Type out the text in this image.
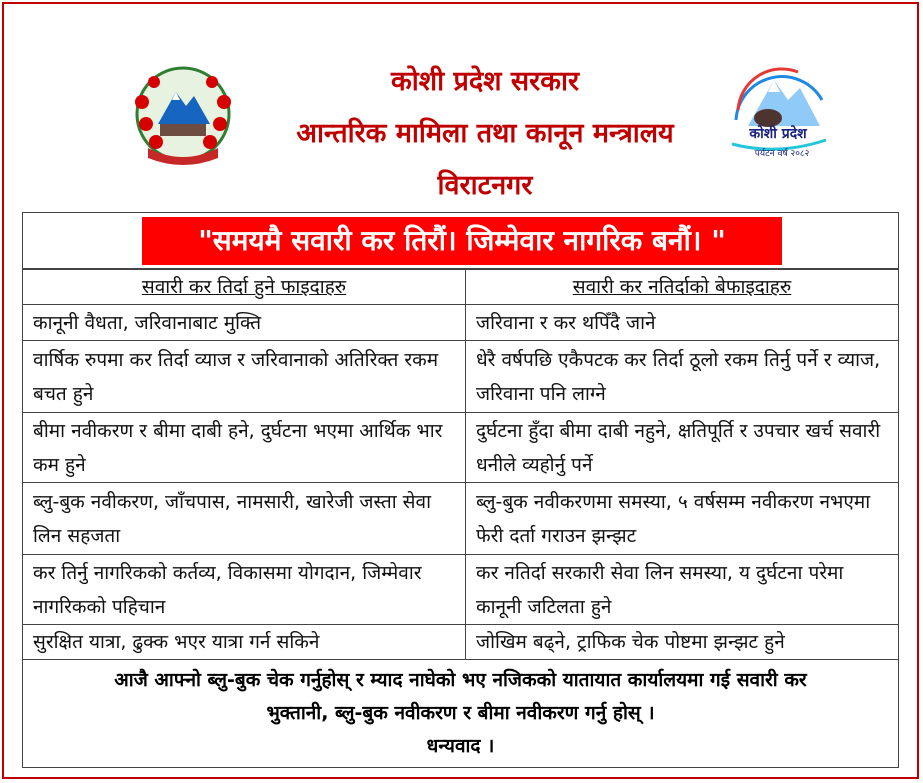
कोशी प्रदेश सरकार
आन्तरिक मामिला तथा कानून मन्त्रालय
विराटनगर
कोशी प्रदेश
पर्यटन वर्ष २०८२
"समयमै सवारी कर तिरौं। जिम्मेवार नागरिक बनौं। "
सवारी कर तिर्दा हुने फाइदाहरु	सवारी कर नतिर्दाको बेफाइदाहरु
कानूनी वैधता, जरिवानाबाट मुक्ति	जरिवाना र कर थपिँदै जाने
वार्षिक रुपमा कर तिर्दा व्याज र जरिवानाको अतिरिक्त रकम बचत हुने	धेरै वर्षपछि एकैपटक कर तिर्दा ठूलो रकम तिर्नु पर्ने र व्याज, जरिवाना पनि लाग्ने
बीमा नवीकरण र बीमा दाबी हने, दुर्घटना भएमा आर्थिक भार कम हुने	दुर्घटना हुँदा बीमा दाबी नहुने, क्षतिपूर्ति र उपचार खर्च सवारी धनीले व्यहोर्नु पर्ने
ब्लु-बुक नवीकरण, जाँचपास, नामसारी, खारेजी जस्ता सेवा लिन सहजता	ब्लु-बुक नवीकरणमा समस्या, ५ वर्षसम्म नवीकरण नभएमा फेरी दर्ता गराउन झन्झट
कर तिर्नु नागरिकको कर्तव्य, विकासमा योगदान, जिम्मेवार नागरिकको पहिचान	कर नतिर्दा सरकारी सेवा लिन समस्या, य दुर्घटना परेमा कानूनी जटिलता हुने
सुरक्षित यात्रा, ढुक्क भएर यात्रा गर्न सकिने	जोखिम बढ्ने, ट्राफिक चेक पोष्टमा झन्झट हुने
आजै आफ्नो ब्लु-बुक चेक गर्नुहोस् र म्याद नाघेको भए नजिकको यातायात कार्यालयमा गई सवारी कर
भुक्तानी, ब्लु-बुक नवीकरण र बीमा नवीकरण गर्नु होस् ।
धन्यवाद ।
